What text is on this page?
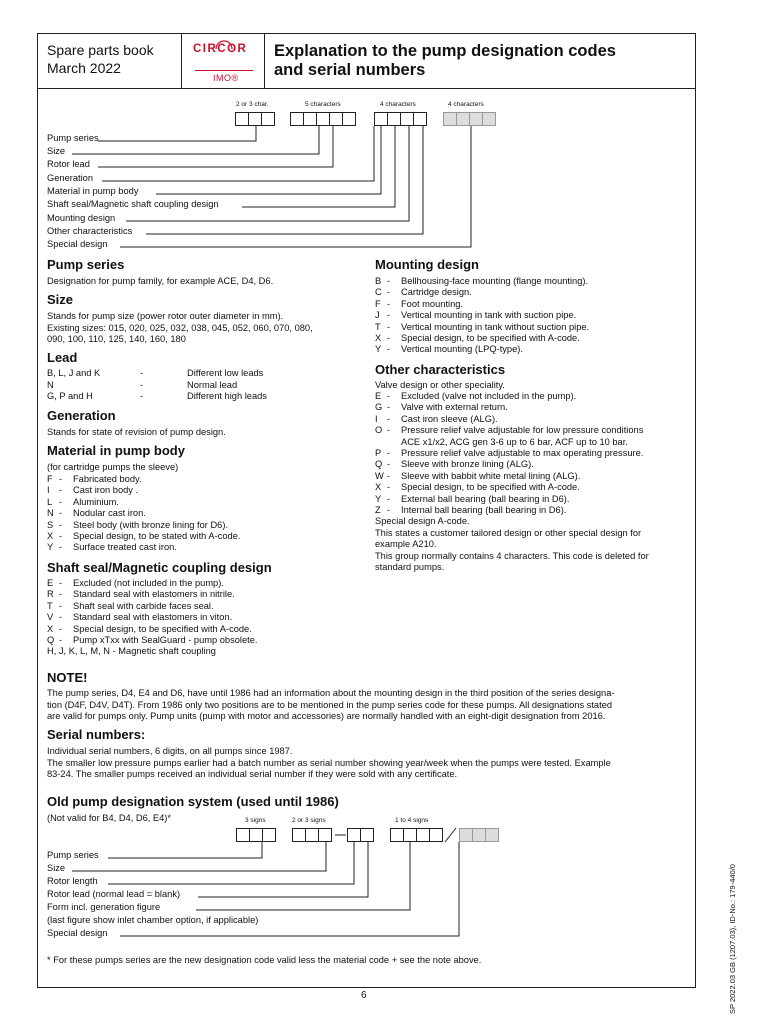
Spare parts book
March 2022
CIRCOR
IMO®
Explanation to the pump designation codes
and serial numbers
2 or 3 char.	5 characters	4 characters	4 characters
Pump series
Size
Rotor lead
Generation
Material in pump body
Shaft seal/Magnetic shaft coupling design
Mounting design
Other characteristics
Special design
Pump series
Designation for pump family, for example ACE, D4, D6.
Size
Stands for pump size (power rotor outer diameter in mm).
Existing sizes: 015, 020, 025, 032, 038, 045, 052, 060, 070, 080,
090, 100, 110, 125, 140, 160, 180
Lead
B, L, J and K	-	Different low leads
N	-	Normal lead
G, P and H	-	Different high leads
Generation
Stands for state of revision of pump design.
Material in pump body
(for cartridge pumps the sleeve)
F -	Fabricated body.
I	-	Cast iron body .
L -	Aluminium.
N -	Nodular cast iron.
S -	Steel body (with bronze lining for D6).
X -	Special design, to be stated with A-code.
Y -	Surface treated cast iron.
Shaft seal/Magnetic coupling design
E -	Excluded (not included in the pump).
R -	Standard seal with elastomers in nitrile.
T -	Shaft seal with carbide faces seal.
V -	Standard seal with elastomers in viton.
X -	Special design, to be specified with A-code.
Q -	Pump xTxx with SealGuard - pump obsolete.
H, J, K, L, M, N - Magnetic shaft coupling
Mounting design
B -	Bellhousing-face mounting (flange mounting).
C -	Cartridge design.
F -	Foot mounting.
J -	Vertical mounting in tank with suction pipe.
T -	Vertical mounting in tank without suction pipe.
X -	Special design, to be specified with A-code.
Y -	Vertical mounting (LPQ-type).
Other characteristics
Valve design or other speciality.
E -	Excluded (valve not included in the pump).
G -	Valve with external return.
I	-	Cast iron sleeve (ALG).
O -	Pressure relief valve adjustable for low pressure conditions
ACE x1/x2, ACG gen 3-6 up to 6 bar, ACF up to 10 bar.
P -	Pressure relief valve adjustable to max operating pressure.
Q -	Sleeve with bronze lining (ALG).
W -	Sleeve with babbit white metal lining (ALG).
X -	Special design, to be specified with A-code.
Y -	External ball bearing (ball bearing in D6).
Z -	Internal ball bearing (ball bearing in D6).
Special design A-code.
This states a customer tailored design or other special design for
example A210.
This group normally contains 4 characters. This code is deleted for
standard pumps.
NOTE!
The pump series, D4, E4 and D6, have until 1986 had an information about the mounting design in the third position of the series designa-
tion (D4F, D4V, D4T). From 1986 only two positions are to be mentioned in the pump series code for these pumps. All designations stated
are valid for pumps only. Pump units (pump with motor and accessories) are normally handled with an eight-digit designation from 2016.
Serial numbers:
Individual serial numbers, 6 digits, on all pumps since 1987.
The smaller low pressure pumps earlier had a batch number as serial number showing year/week when the pumps were tested. Example
83-24. The smaller pumps received an individual serial number if they were sold with any certificate.
Old pump designation system (used until 1986)
(Not valid for B4, D4, D6, E4)*	3 signs	2 or 3 signs	1 to 4 signs
Pump series
Size
Rotor length
Rotor lead (normal lead = blank)
Form incl. generation figure
(last figure show inlet chamber option, if applicable)
Special design
* For these pumps series are the new designation code valid less the material code + see the note above.
6	SP 2022.03 GB (1207.03), ID-No.: 179-440/0
